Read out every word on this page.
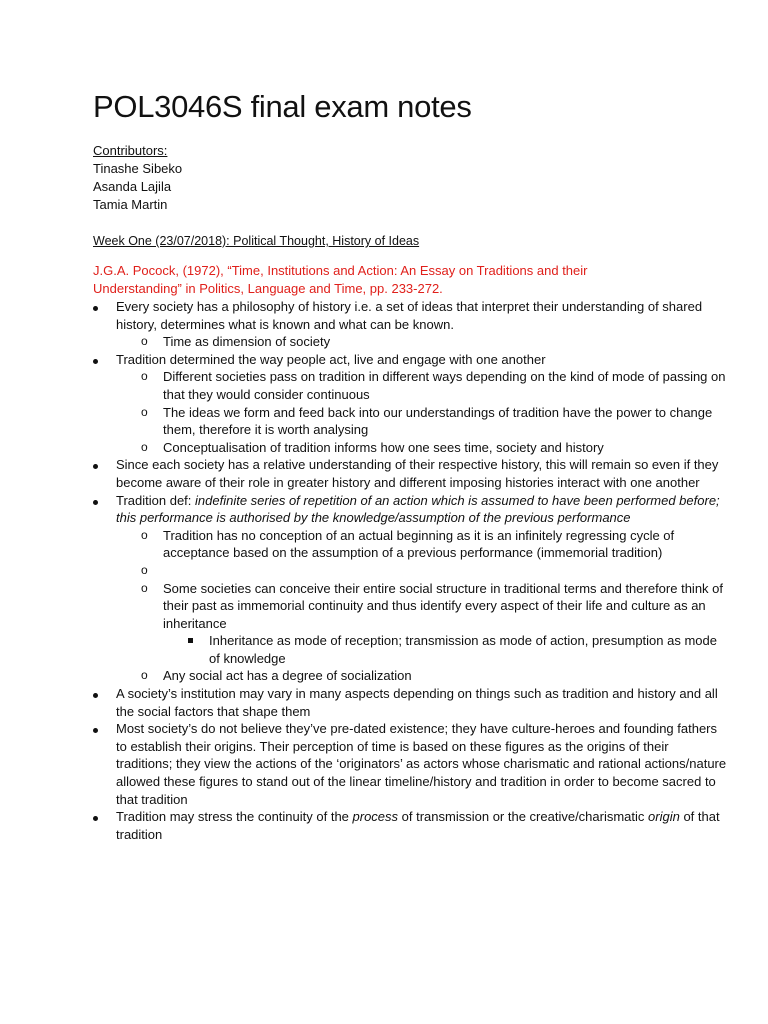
POL3046S final exam notes
Contributors:
Tinashe Sibeko
Asanda Lajila
Tamia Martin
Week One (23/07/2018): Political Thought, History of Ideas
J.G.A. Pocock, (1972), “Time, Institutions and Action: An Essay on Traditions and their Understanding” in Politics, Language and Time, pp. 233-272.
Every society has a philosophy of history i.e. a set of ideas that interpret their understanding of shared history, determines what is known and what can be known.
o Time as dimension of society
Tradition determined the way people act, live and engage with one another
o Different societies pass on tradition in different ways depending on the kind of mode of passing on that they would consider continuous
o The ideas we form and feed back into our understandings of tradition have the power to change them, therefore it is worth analysing
o Conceptualisation of tradition informs how one sees time, society and history
Since each society has a relative understanding of their respective history, this will remain so even if they become aware of their role in greater history and different imposing histories interact with one another
Tradition def: indefinite series of repetition of an action which is assumed to have been performed before; this performance is authorised by the knowledge/assumption of the previous performance
o Tradition has no conception of an actual beginning as it is an infinitely regressing cycle of acceptance based on the assumption of a previous performance (immemorial tradition)
o
o Some societies can conceive their entire social structure in traditional terms and therefore think of their past as immemorial continuity and thus identify every aspect of their life and culture as an inheritance
Inheritance as mode of reception; transmission as mode of action, presumption as mode of knowledge
o Any social act has a degree of socialization
A society’s institution may vary in many aspects depending on things such as tradition and history and all the social factors that shape them
Most society’s do not believe they’ve pre-dated existence; they have culture-heroes and founding fathers to establish their origins. Their perception of time is based on these figures as the origins of their traditions; they view the actions of the ‘originators’ as actors whose charismatic and rational actions/nature allowed these figures to stand out of the linear timeline/history and tradition in order to become sacred to that tradition
Tradition may stress the continuity of the process of transmission or the creative/charismatic origin of that tradition
